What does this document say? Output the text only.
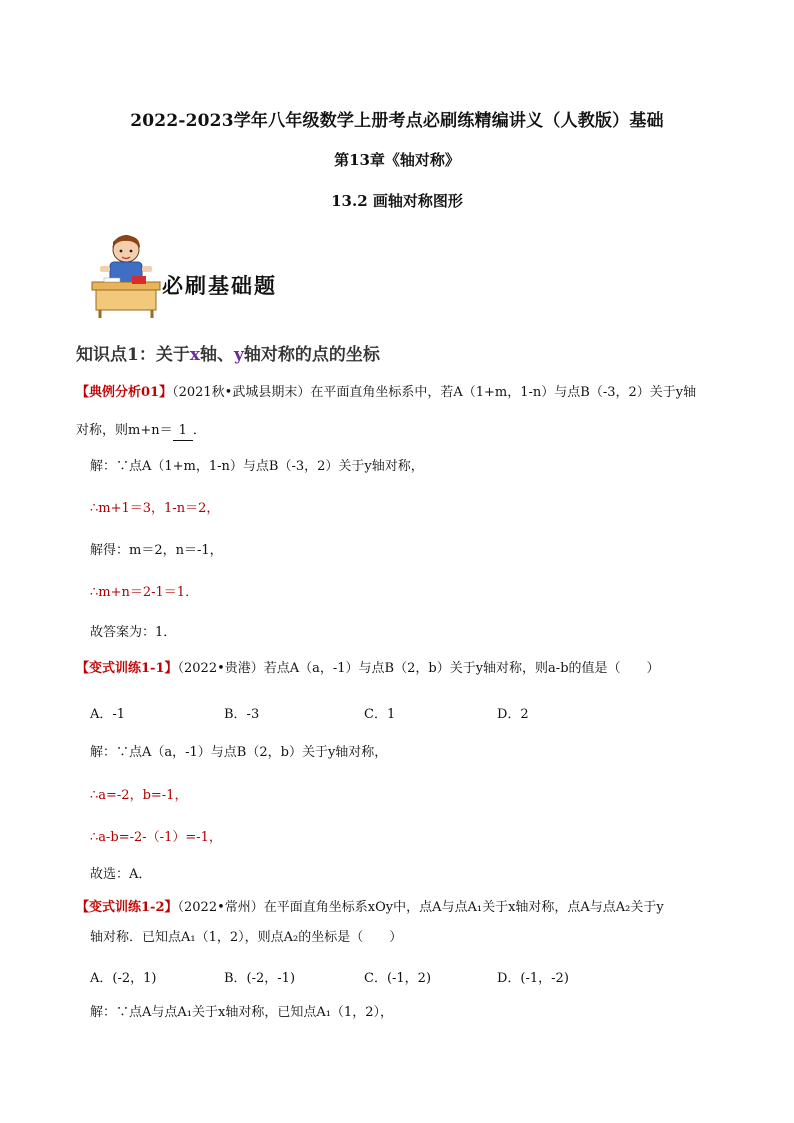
2022-2023学年八年级数学上册考点必刷练精编讲义（人教版）基础
第13章《轴对称》
13.2 画轴对称图形
必刷基础题
知识点1：关于x轴、y轴对称的点的坐标
【典例分析01】（2021秋•武城县期末）在平面直角坐标系中，若A（1+m，1-n）与点B（-3，2）关于y轴
对称，则m+n＝ 1 ．
解：∵点A（1+m，1-n）与点B（-3，2）关于y轴对称，
∴m+1＝3，1-n＝2，
解得：m＝2，n＝-1，
∴m+n＝2-1＝1．
故答案为：1．
【变式训练1-1】（2022•贵港）若点A（a，-1）与点B（2，b）关于y轴对称，则a-b的值是（　　）
A．-1	B．-3	C．1	D．2
解：∵点A（a，-1）与点B（2，b）关于y轴对称，
∴a=-2，b=-1，
∴a-b=-2-（-1）=-1，
故选：A．
【变式训练1-2】（2022•常州）在平面直角坐标系xOy中，点A与点A₁关于x轴对称，点A与点A₂关于y
轴对称．已知点A₁（1，2），则点A₂的坐标是（　　）
A．(-2，1)	B．(-2，-1)	C．(-1，2)	D．(-1，-2)
解：∵点A与点A₁关于x轴对称，已知点A₁（1，2），
